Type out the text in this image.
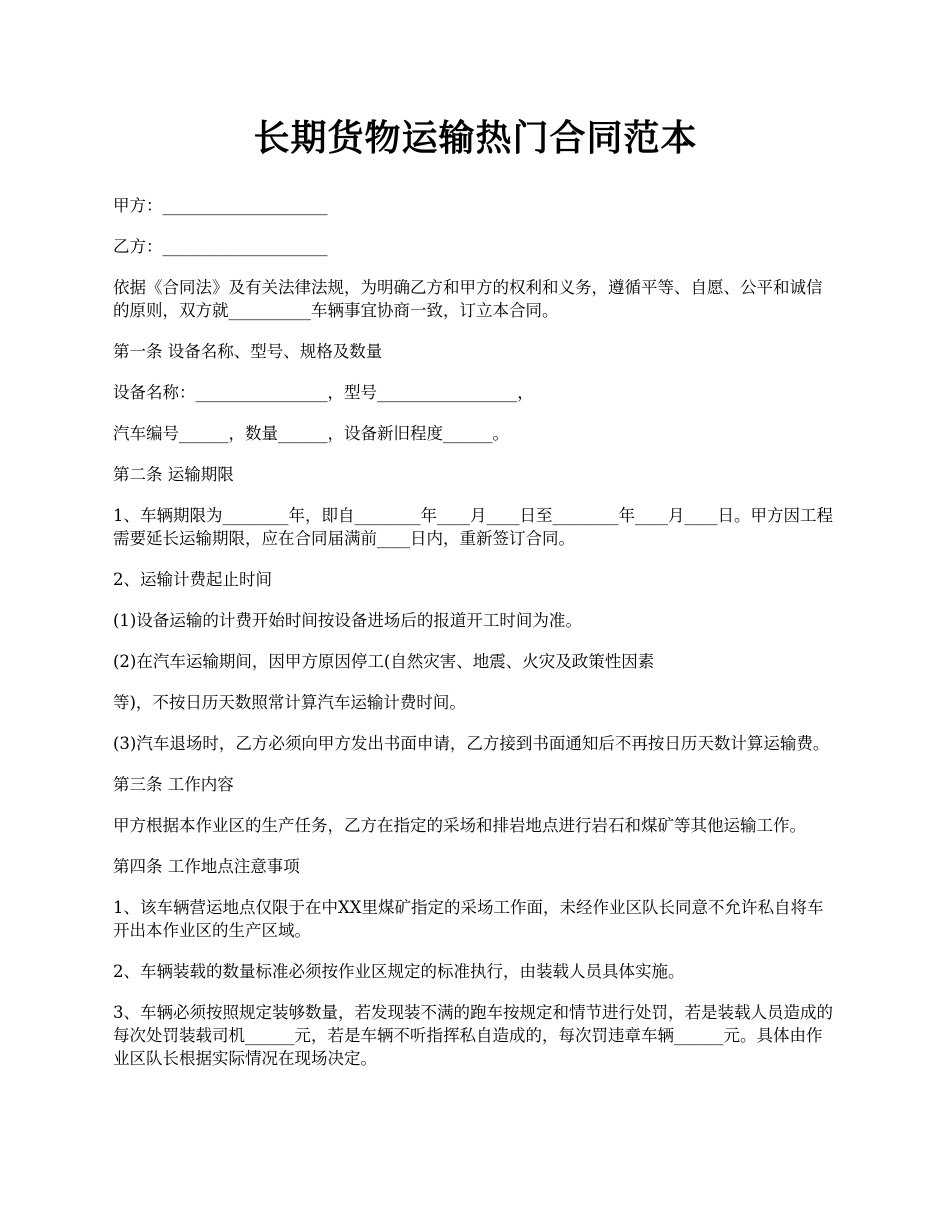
长期货物运输热门合同范本

甲方：____________________

乙方：____________________

依据《合同法》及有关法律法规，为明确乙方和甲方的权利和义务，遵循平等、自愿、公平和诚信的原则，双方就__________车辆事宜协商一致，订立本合同。

第一条 设备名称、型号、规格及数量

设备名称：________________，型号_________________，

汽车编号______，数量______，设备新旧程度______。

第二条 运输期限

1、车辆期限为________年，即自________年____月____日至________年____月____日。甲方因工程需要延长运输期限，应在合同届满前____日内，重新签订合同。

2、运输计费起止时间

(1)设备运输的计费开始时间按设备进场后的报道开工时间为准。

(2)在汽车运输期间，因甲方原因停工(自然灾害、地震、火灾及政策性因素

等)，不按日历天数照常计算汽车运输计费时间。

(3)汽车退场时，乙方必须向甲方发出书面申请，乙方接到书面通知后不再按日历天数计算运输费。

第三条 工作内容

甲方根据本作业区的生产任务，乙方在指定的采场和排岩地点进行岩石和煤矿等其他运输工作。

第四条 工作地点注意事项

1、该车辆营运地点仅限于在中XX里煤矿指定的采场工作面，未经作业区队长同意不允许私自将车开出本作业区的生产区域。

2、车辆装载的数量标准必须按作业区规定的标准执行，由装载人员具体实施。

3、车辆必须按照规定装够数量，若发现装不满的跑车按规定和情节进行处罚，若是装载人员造成的每次处罚装载司机______元，若是车辆不听指挥私自造成的，每次罚违章车辆______元。具体由作业区队长根据实际情况在现场决定。
